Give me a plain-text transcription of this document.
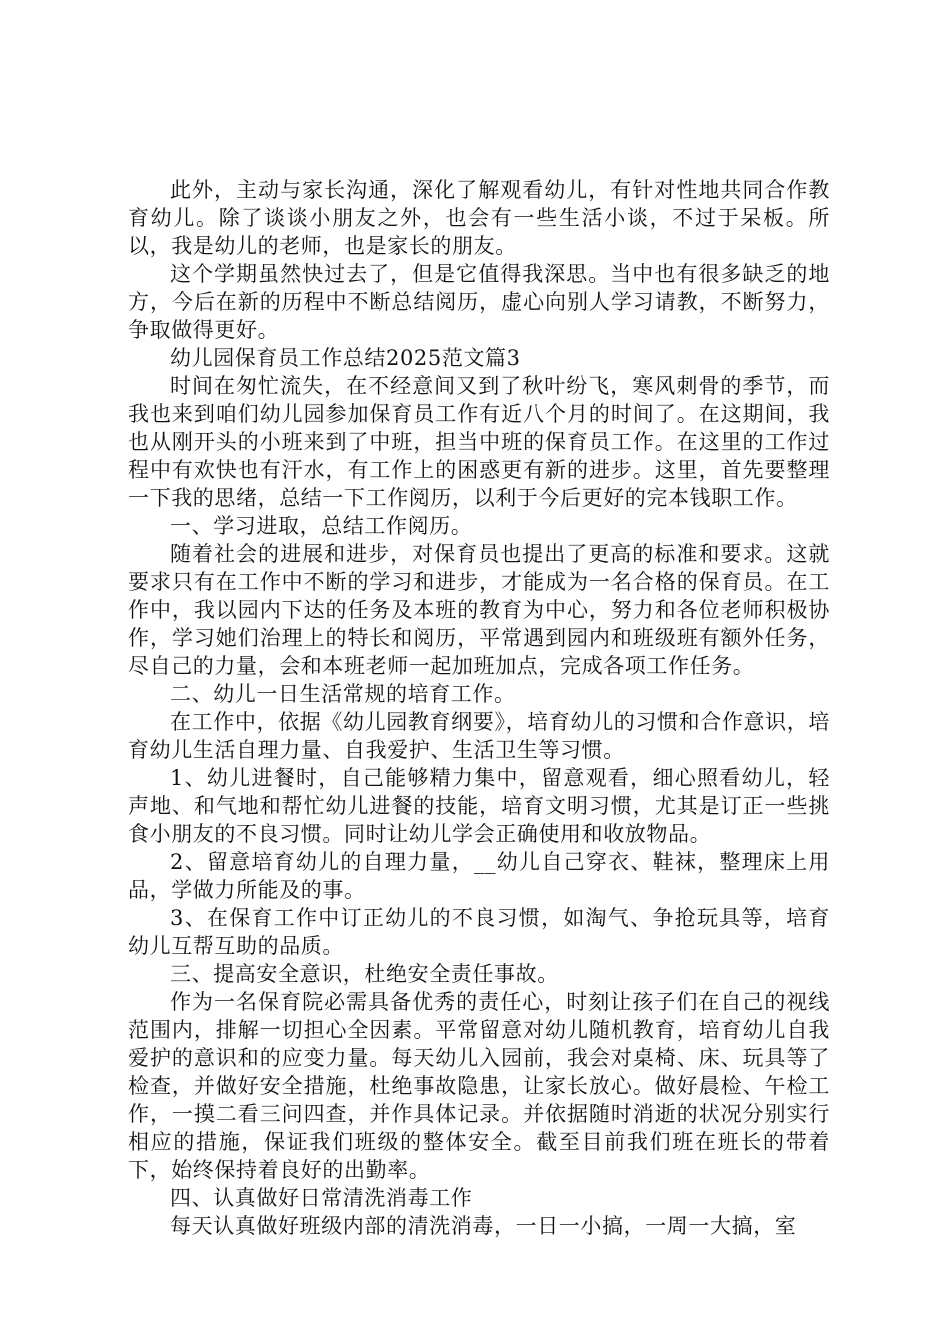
此外，主动与家长沟通，深化了解观看幼儿，有针对性地共同合作教育幼儿。除了谈谈小朋友之外，也会有一些生活小谈，不过于呆板。所以，我是幼儿的老师，也是家长的朋友。

这个学期虽然快过去了，但是它值得我深思。当中也有很多缺乏的地方，今后在新的历程中不断总结阅历，虚心向别人学习请教，不断努力，争取做得更好。

幼儿园保育员工作总结2025范文篇3

时间在匆忙流失，在不经意间又到了秋叶纷飞，寒风刺骨的季节，而我也来到咱们幼儿园参加保育员工作有近八个月的时间了。在这期间，我也从刚开头的小班来到了中班，担当中班的保育员工作。在这里的工作过程中有欢快也有汗水，有工作上的困惑更有新的进步。这里，首先要整理一下我的思绪，总结一下工作阅历，以利于今后更好的完本钱职工作。

一、学习进取，总结工作阅历。

随着社会的进展和进步，对保育员也提出了更高的标准和要求。这就要求只有在工作中不断的学习和进步，才能成为一名合格的保育员。在工作中，我以园内下达的任务及本班的教育为中心，努力和各位老师积极协作，学习她们治理上的特长和阅历，平常遇到园内和班级班有额外任务，尽自己的力量，会和本班老师一起加班加点，完成各项工作任务。

二、幼儿一日生活常规的培育工作。

在工作中，依据《幼儿园教育纲要》，培育幼儿的习惯和合作意识，培育幼儿生活自理力量、自我爱护、生活卫生等习惯。

1、幼儿进餐时，自己能够精力集中，留意观看，细心照看幼儿，轻声地、和气地和帮忙幼儿进餐的技能，培育文明习惯，尤其是订正一些挑食小朋友的不良习惯。同时让幼儿学会正确使用和收放物品。

2、留意培育幼儿的自理力量，__幼儿自己穿衣、鞋袜，整理床上用品，学做力所能及的事。

3、在保育工作中订正幼儿的不良习惯，如淘气、争抢玩具等，培育幼儿互帮互助的品质。

三、提高安全意识，杜绝安全责任事故。

作为一名保育院必需具备优秀的责任心，时刻让孩子们在自己的视线范围内，排解一切担心全因素。平常留意对幼儿随机教育，培育幼儿自我爱护的意识和的应变力量。每天幼儿入园前，我会对桌椅、床、玩具等了检查，并做好安全措施，杜绝事故隐患，让家长放心。做好晨检、午检工作，一摸二看三问四查，并作具体记录。并依据随时消逝的状况分别实行相应的措施，保证我们班级的整体安全。截至目前我们班在班长的带着下，始终保持着良好的出勤率。

四、认真做好日常清洗消毒工作

每天认真做好班级内部的清洗消毒，一日一小搞，一周一大搞，室
